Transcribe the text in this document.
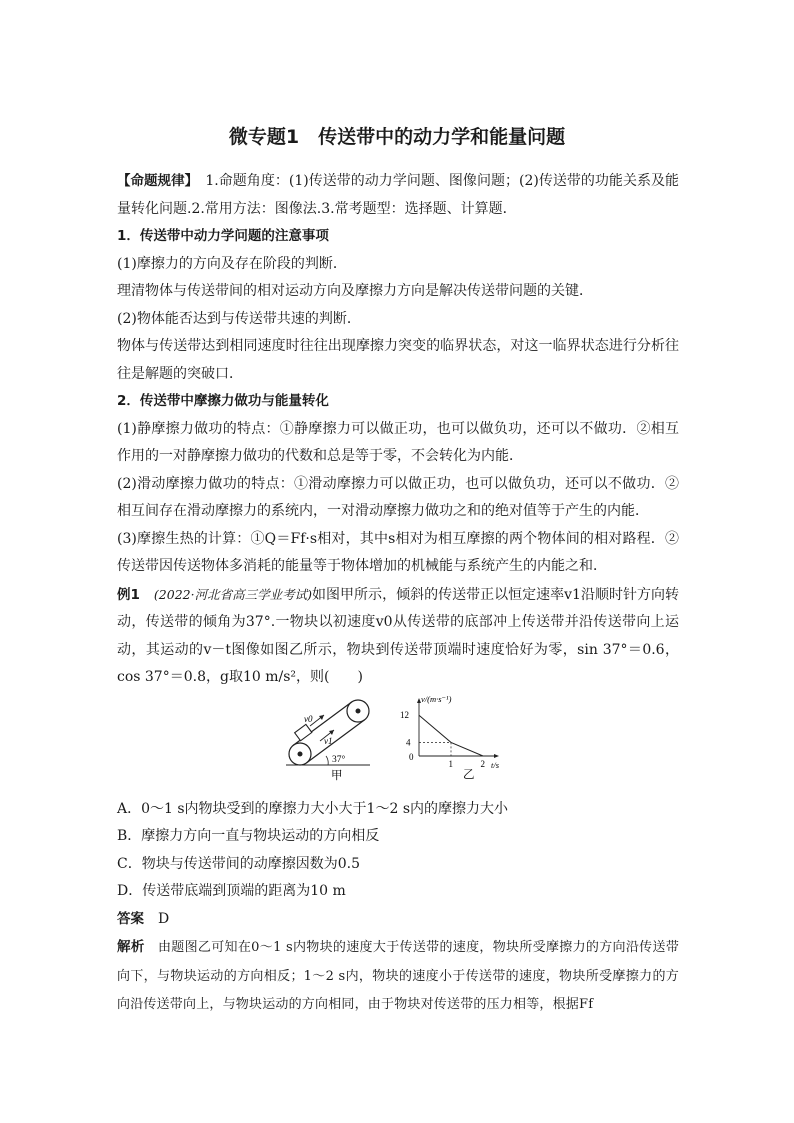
微专题1　传送带中的动力学和能量问题

【命题规律】　1.命题角度：(1)传送带的动力学问题、图像问题；(2)传送带的功能关系及能量转化问题.2.常用方法：图像法.3.常考题型：选择题、计算题．

1．传送带中动力学问题的注意事项

(1)摩擦力的方向及存在阶段的判断．

理清物体与传送带间的相对运动方向及摩擦力方向是解决传送带问题的关键．

(2)物体能否达到与传送带共速的判断．

物体与传送带达到相同速度时往往出现摩擦力突变的临界状态，对这一临界状态进行分析往往是解题的突破口．

2．传送带中摩擦力做功与能量转化

(1)静摩擦力做功的特点：①静摩擦力可以做正功，也可以做负功，还可以不做功．②相互作用的一对静摩擦力做功的代数和总是等于零，不会转化为内能．

(2)滑动摩擦力做功的特点：①滑动摩擦力可以做正功，也可以做负功，还可以不做功．②相互间存在滑动摩擦力的系统内，一对滑动摩擦力做功之和的绝对值等于产生的内能．

(3)摩擦生热的计算：①Q＝Ff·s相对，其中s相对为相互摩擦的两个物体间的相对路程．②传送带因传送物体多消耗的能量等于物体增加的机械能与系统产生的内能之和．

例1　 (2022·河北省高三学业考试)如图甲所示，倾斜的传送带正以恒定速率v1沿顺时针方向转动，传送带的倾角为37°.一物块以初速度v0从传送带的底部冲上传送带并沿传送带向上运动，其运动的v－t图像如图乙所示，物块到传送带顶端时速度恰好为零，sin 37°＝0.6，cos 37°＝0.8，g取10 m/s²，则(　　)

v0
v1
37°
甲
v/(m·s⁻¹)
t/s
0
12
4
1	2
乙

A．0～1 s内物块受到的摩擦力大小大于1～2 s内的摩擦力大小

B．摩擦力方向一直与物块运动的方向相反

C．物块与传送带间的动摩擦因数为0.5

D．传送带底端到顶端的距离为10 m

答案　 D

解析　 由题图乙可知在0～1 s内物块的速度大于传送带的速度，物块所受摩擦力的方向沿传送带向下，与物块运动的方向相反；1～2 s内，物块的速度小于传送带的速度，物块所受摩擦力的方向沿传送带向上，与物块运动的方向相同，由于物块对传送带的压力相等，根据Ff
